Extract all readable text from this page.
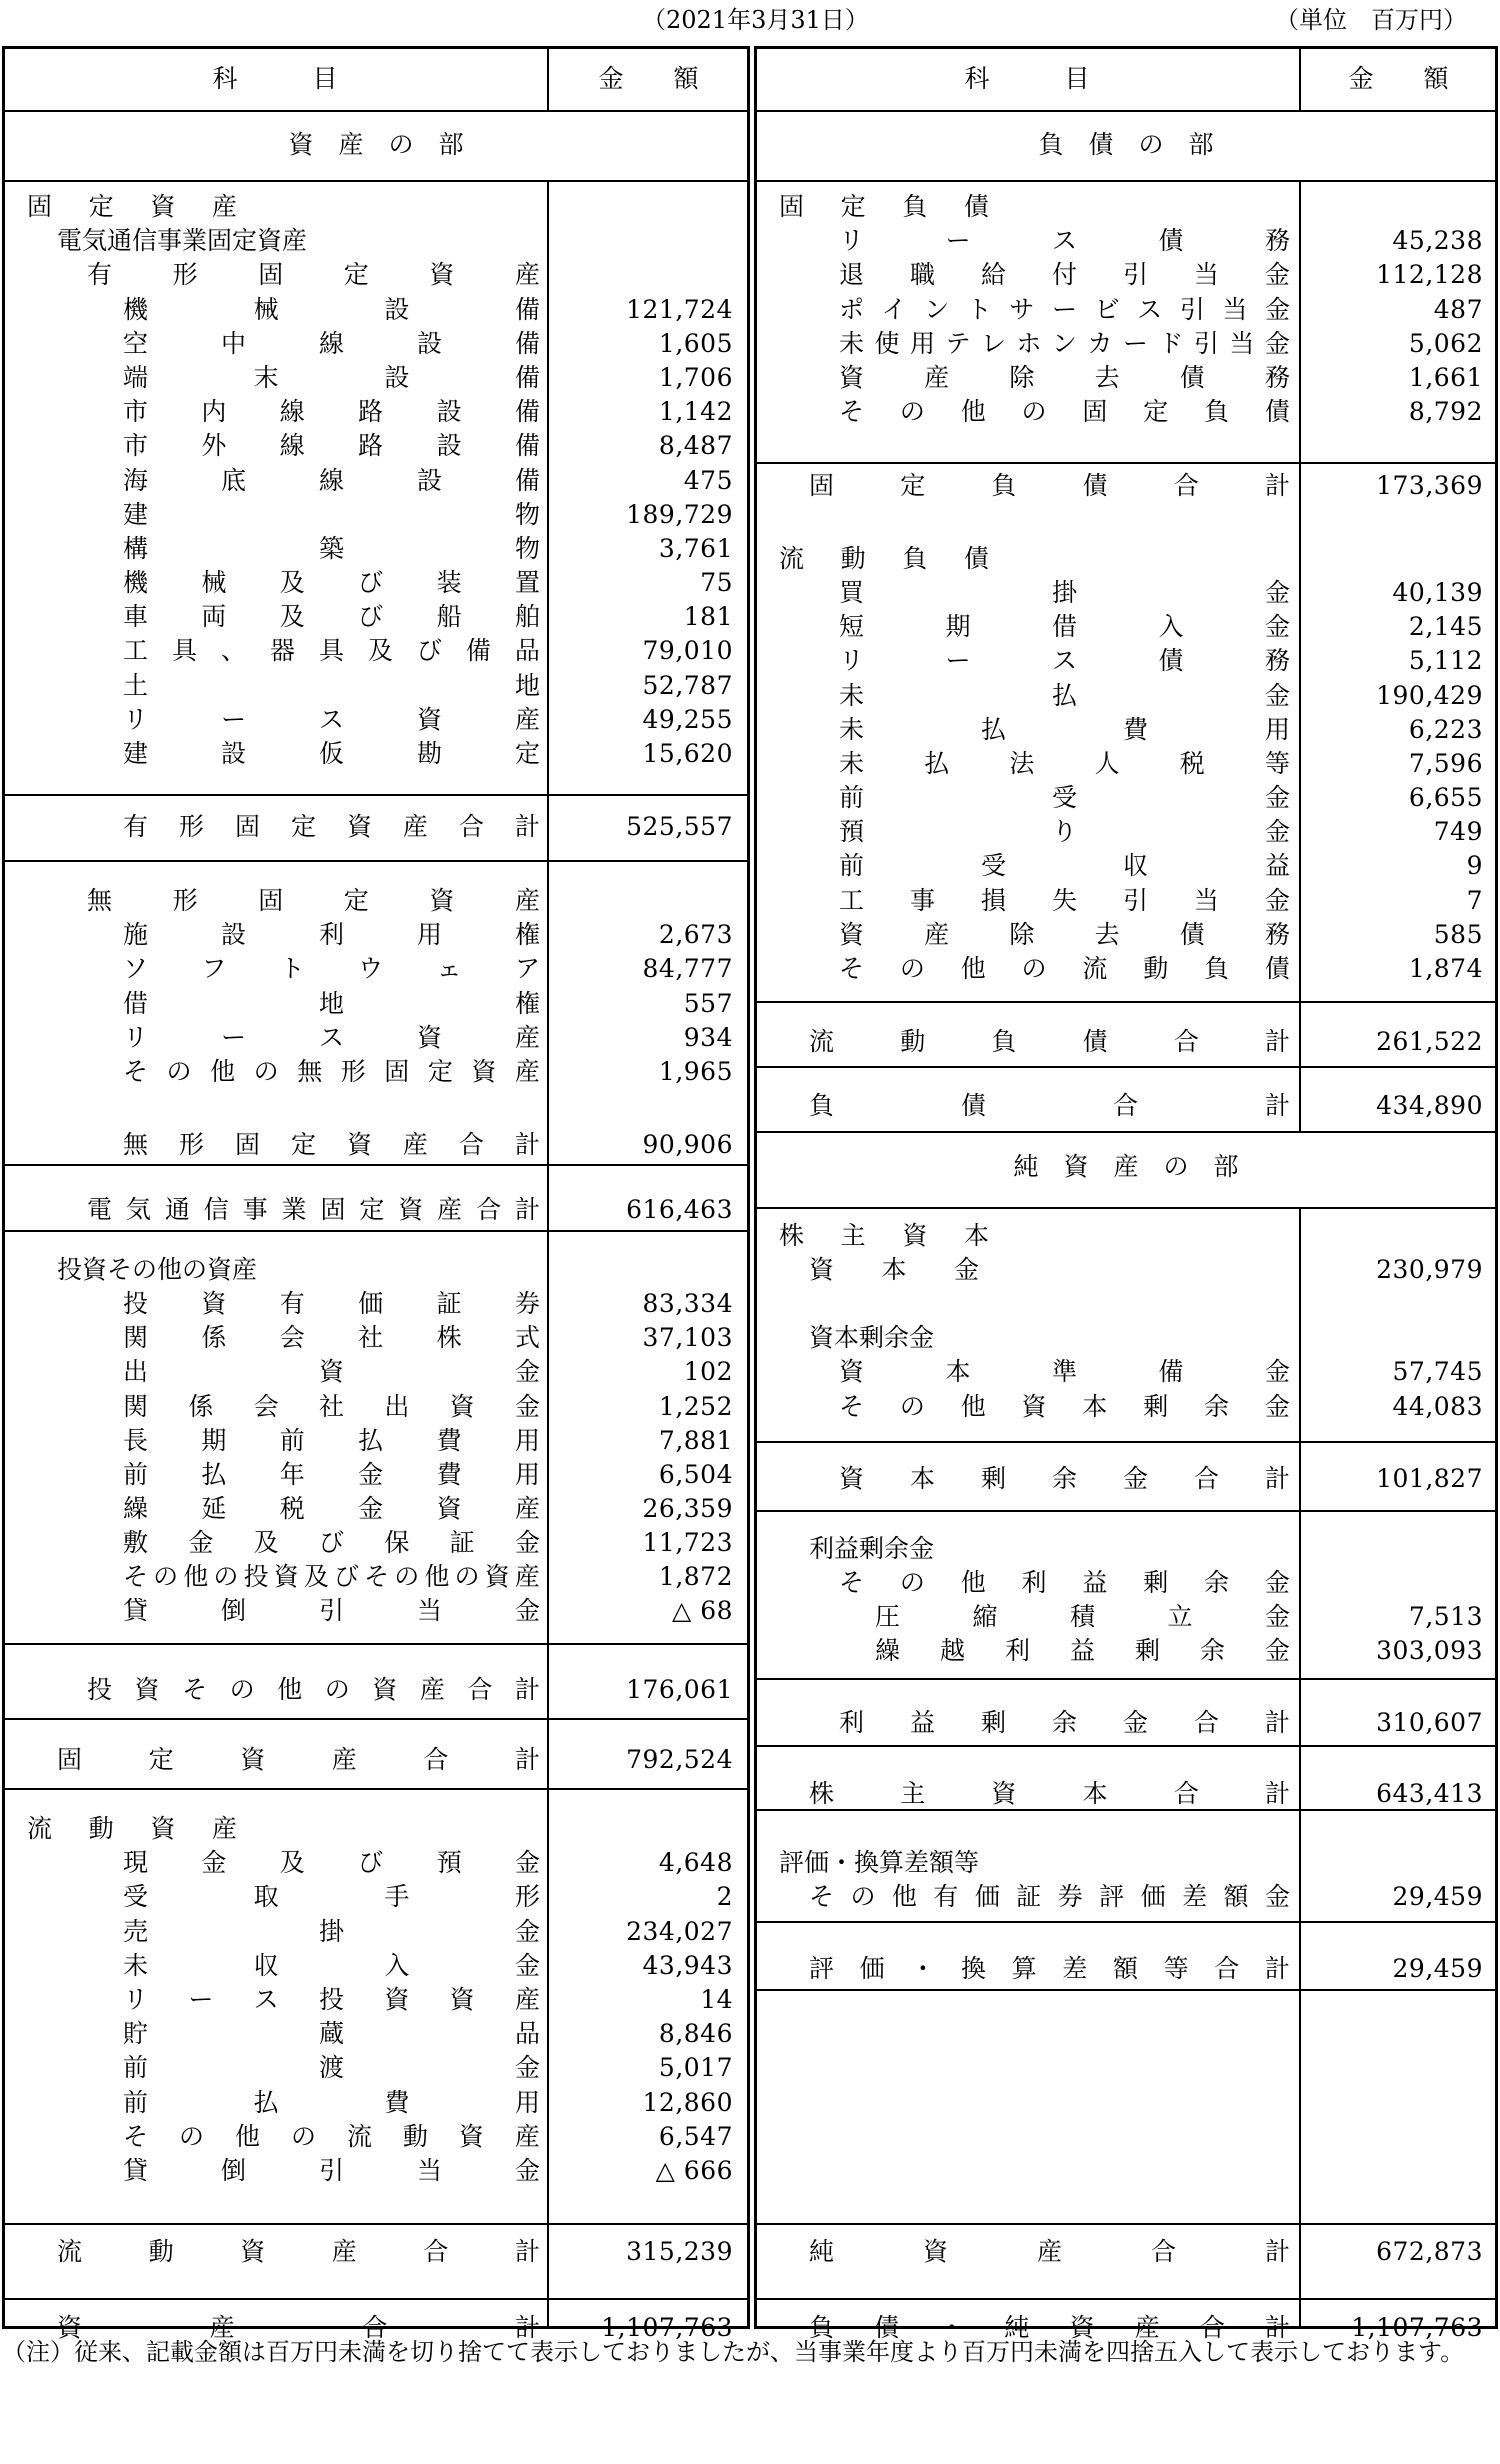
（2021年3月31日）	（単位　百万円）
科　　　目	金　　額	科　　　目	金　　額
資　産　の　部	負　債　の　部
純　資　産　の　部
固 定 資 産
電気通信事業固定資産
有 形 固 定 資 産
機	械	設	備	121,724
空	中	線	設	備	1,605
端	末	設	備	1,706
市 内 線 路 設 備	1,142
市 外 線 路 設 備	8,487
海	底	線	設	備	475
建	物	189,729
構	築	物	3,761
機 械 及 び 装 置	75
車 両 及 び 船 舶	181
工 具 、 器 具 及 び 備 品	79,010
土	地	52,787
リ	ー	ス	資	産	49,255
建	設	仮	勘	定	15,620
有 形 固 定 資 産 合 計	525,557
無 形 固 定 資 産
施	設	利	用	権	2,673
ソ フ ト ウ ェ ア	84,777
借	地	権	557
リ	ー	ス	資	産	934
そ の 他 の 無 形 固 定 資 産	1,965
無 形 固 定 資 産 合 計	90,906
電 気 通 信 事 業 固 定 資 産 合 計	616,463
投資その他の資産
投 資 有 価 証 券	83,334
関 係 会 社 株 式	37,103
出	資	金	102
関 係 会 社 出 資 金	1,252
長 期 前 払 費 用	7,881
前 払 年 金 費 用	6,504
繰 延 税 金 資 産	26,359
敷 金 及 び 保 証 金	11,723
そ の 他 の 投 資 及 び そ の 他 の 資 産	1,872
貸	倒	引	当	金	△ 68
投 資 そ の 他 の 資 産 合 計	176,061
固	定	資	産	合	計	792,524
流 動 資 産
現 金 及 び 預 金	4,648
受	取	手	形	2
売	掛	金	234,027
未	収	入	金	43,943
リ ー ス 投 資 資 産	14
貯	蔵	品	8,846
前	渡	金	5,017
前	払	費	用	12,860
そ の 他 の 流 動 資 産	6,547
貸	倒	引	当	金	△ 666
流	動	資	産	合	計	315,239
資	産	合	計	1,107,763
固 定 負 債
リ	ー	ス	債	務	45,238
退 職 給 付 引 当 金	112,128
ポ イ ン ト サ ー ビ ス 引 当 金	487
未 使 用 テ レ ホ ン カ ー ド 引 当 金	5,062
資 産 除 去 債 務	1,661
そ の 他 の 固 定 負 債	8,792
固	定	負	債	合	計	173,369
流 動 負 債
買	掛	金	40,139
短	期	借	入	金	2,145
リ	ー	ス	債	務	5,112
未	払	金	190,429
未	払	費	用	6,223
未 払 法 人 税 等	7,596
前	受	金	6,655
預	り	金	749
前	受	収	益	9
工 事 損 失 引 当 金	7
資 産 除 去 債 務	585
そ の 他 の 流 動 負 債	1,874
流	動	負	債	合	計	261,522
負	債	合	計	434,890
株 主 資 本
資 本 金	230,979
資本剰余金
資	本	準	備	金	57,745
そ の 他 資 本 剰 余 金	44,083
資 本 剰 余 金 合 計	101,827
利益剰余金
そ の 他 利 益 剰 余 金
圧	縮	積	立	金	7,513
繰 越 利 益 剰 余 金	303,093
利 益 剰 余 金 合 計	310,607
株	主	資	本	合	計	643,413
評価・換算差額等
そ の 他 有 価 証 券 評 価 差 額 金	29,459
評 価 ・ 換 算 差 額 等 合 計	29,459
純	資	産	合	計	672,873
負 債 ・ 純 資 産 合 計	1,107,763
（注）従来、記載金額は百万円未満を切り捨てて表示しておりましたが、当事業年度より百万円未満を四捨五入して表示しております。
